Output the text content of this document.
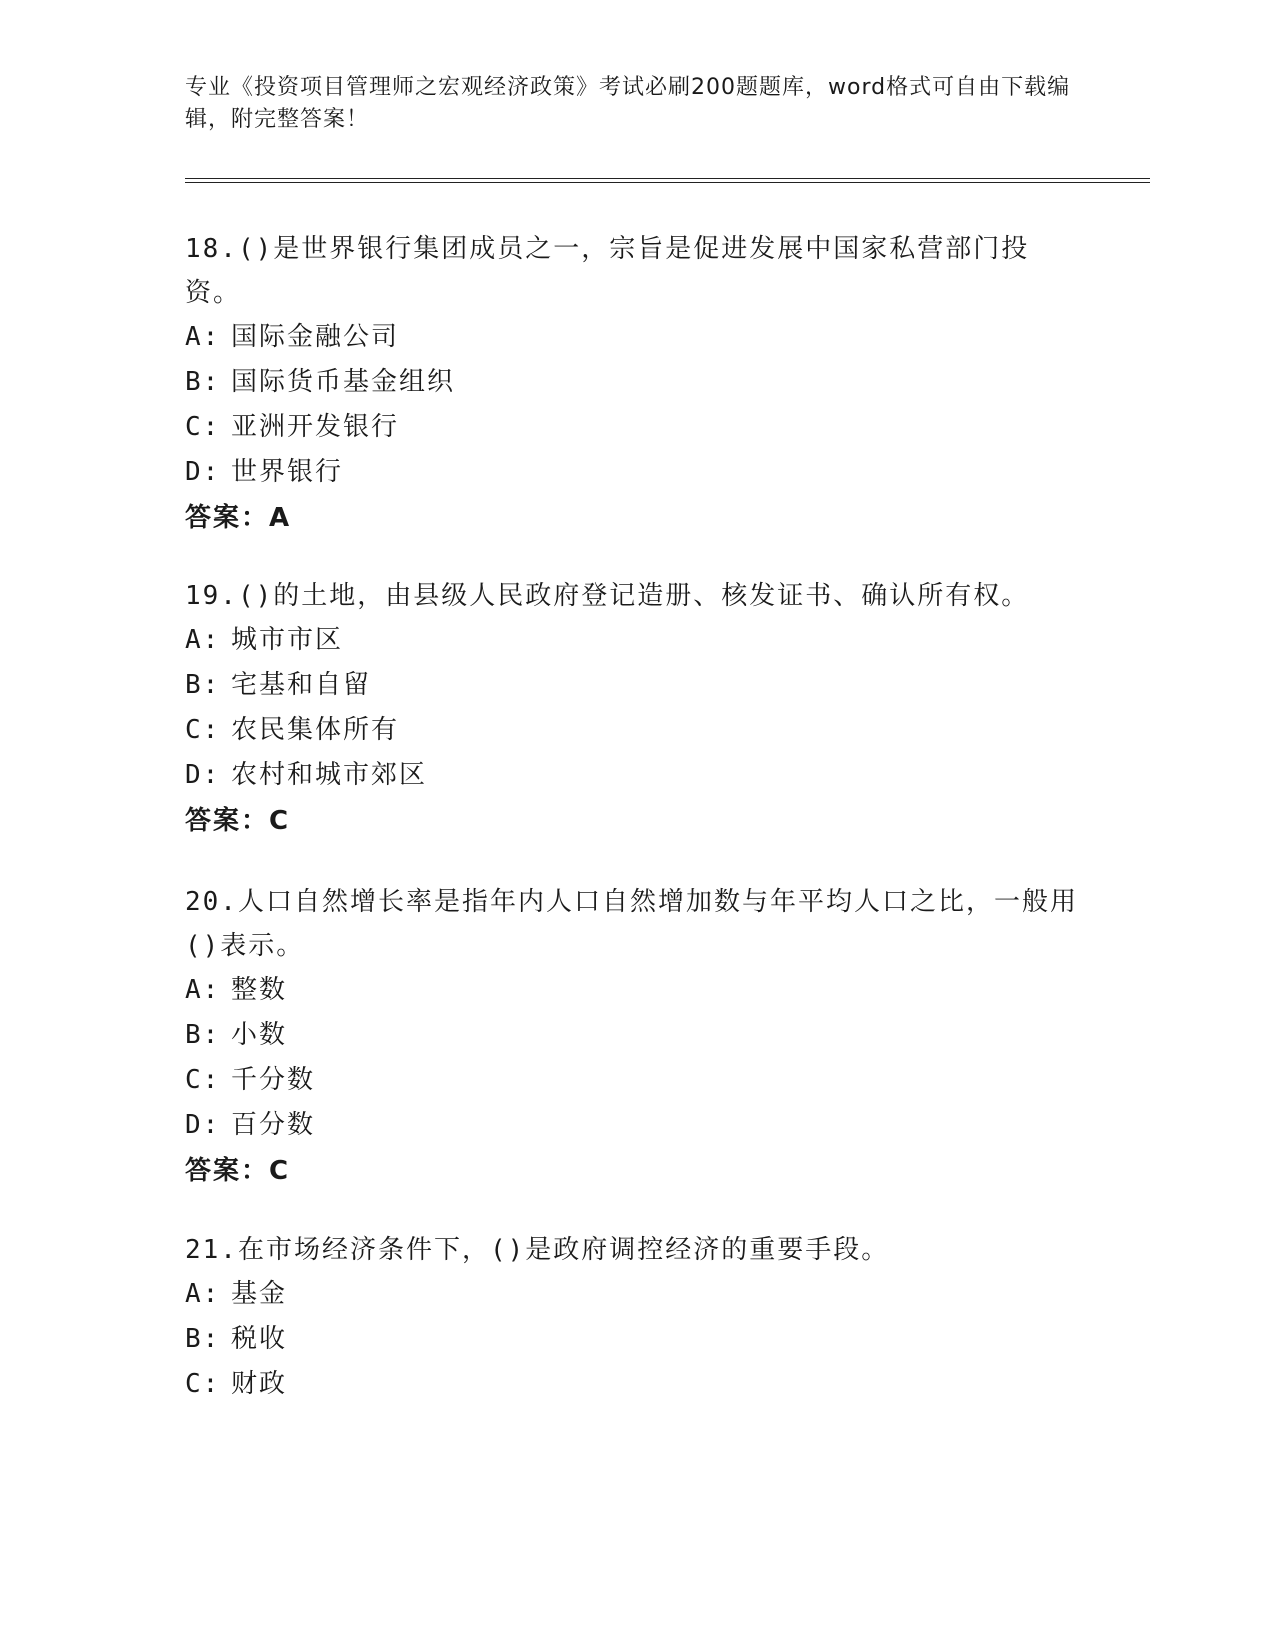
专业《投资项目管理师之宏观经济政策》考试必刷200题题库，word格式可自由下载编辑，附完整答案！

18.()是世界银行集团成员之一，宗旨是促进发展中国家私营部门投资。

A: 国际金融公司

B: 国际货币基金组织

C: 亚洲开发银行

D: 世界银行

答案：A

19.()的土地，由县级人民政府登记造册、核发证书、确认所有权。

A: 城市市区

B: 宅基和自留

C: 农民集体所有

D: 农村和城市郊区

答案：C

20.人口自然增长率是指年内人口自然增加数与年平均人口之比，一般用()表示。

A: 整数

B: 小数

C: 千分数

D: 百分数

答案：C

21.在市场经济条件下，()是政府调控经济的重要手段。

A: 基金

B: 税收

C: 财政
